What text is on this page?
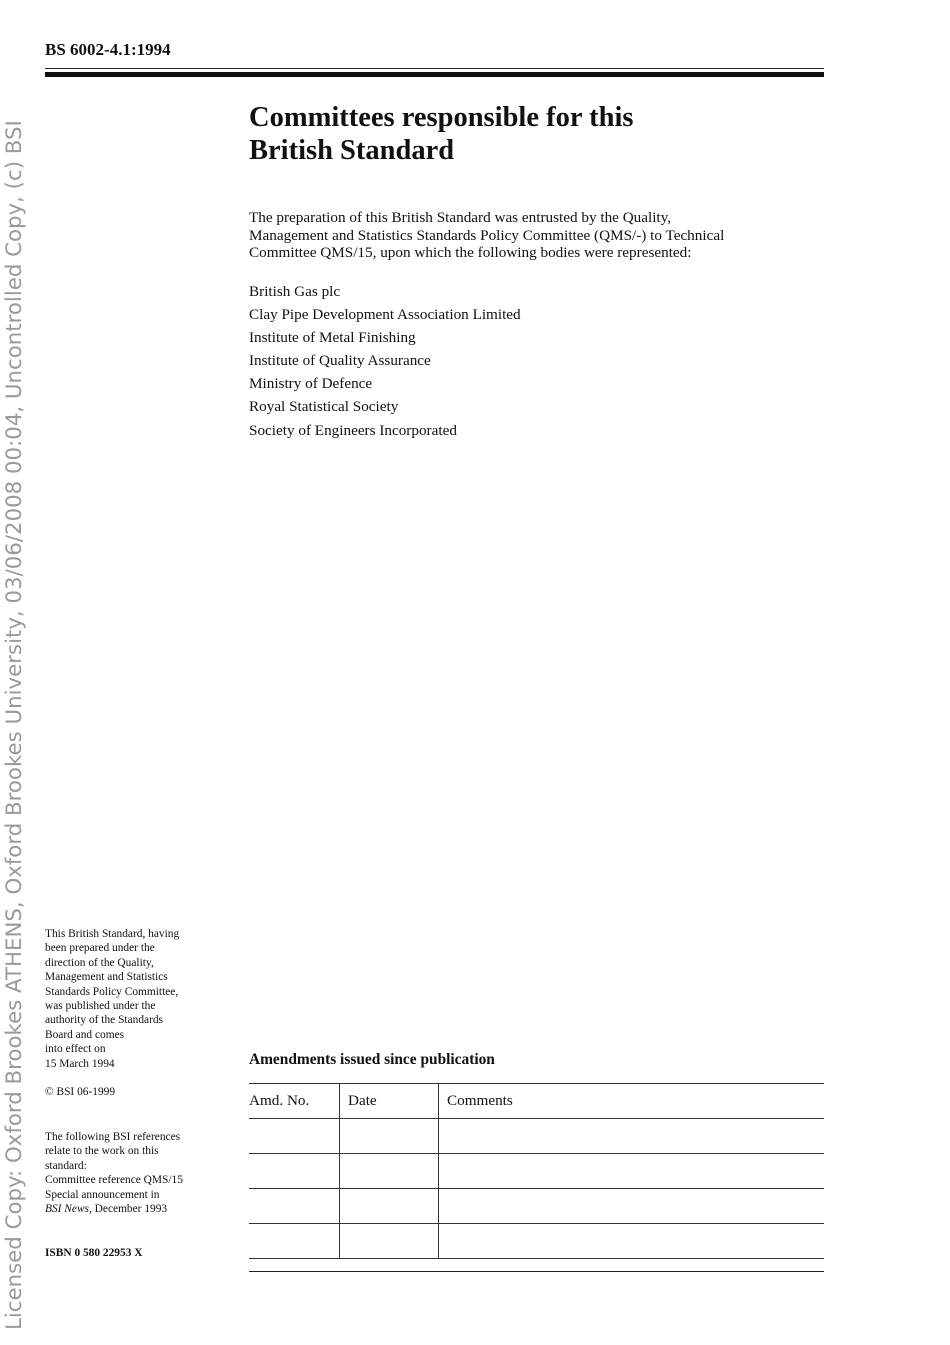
Licensed Copy: Oxford Brookes ATHENS, Oxford Brookes University, 03/06/2008 00:04, Uncontrolled Copy, (c) BSI
BS 6002-4.1:1994
Committees responsible for this
British Standard

The preparation of this British Standard was entrusted by the Quality,
Management and Statistics Standards Policy Committee (QMS/-) to Technical
Committee QMS/15, upon which the following bodies were represented:

British Gas plc
Clay Pipe Development Association Limited
Institute of Metal Finishing
Institute of Quality Assurance
Ministry of Defence
Royal Statistical Society
Society of Engineers Incorporated

This British Standard, having

been prepared under the

direction of the Quality,

Management and Statistics

Standards Policy Committee,

was published under the

authority of the Standards

Board and comes

into effect on

15 March 1994

© BSI 06-1999

The following BSI references

relate to the work on this

standard:

Committee reference QMS/15

Special announcement in

BSI News, December 1993

ISBN 0 580 22953 X
Amendments issued since publication
Amd. No.	Date	Comments
